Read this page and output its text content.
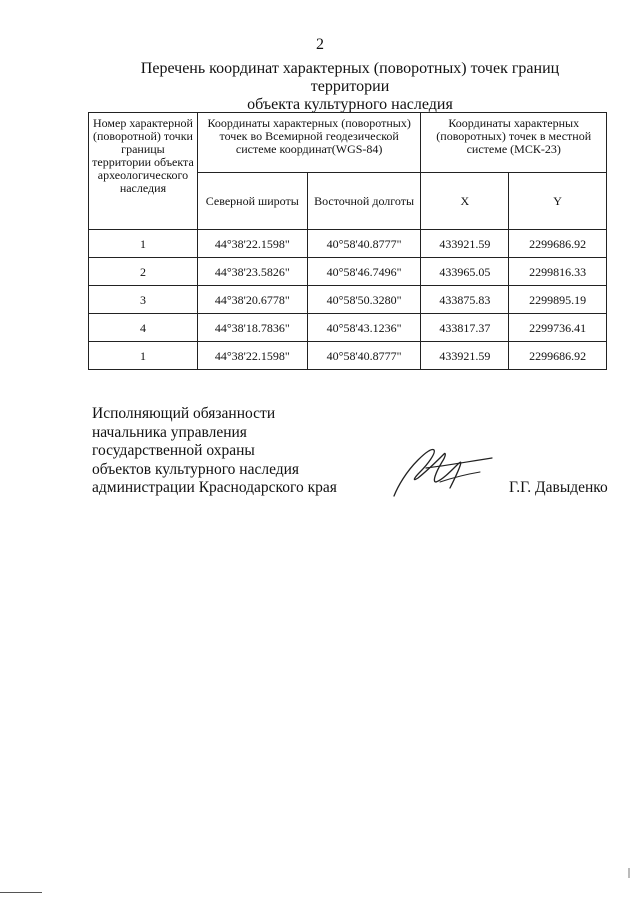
2
Перечень координат характерных (поворотных) точек границ территории
объекта культурного наследия
Номер характерной (поворотной) точки границы территории объекта археологического наследия	Координаты характерных (поворотных) точек во Всемирной геодезической системе координат(WGS-84)		Координаты характерных (поворотных) точек в местной системе (МСК-23)	
	Северной широты	Восточной долготы	X	Y
1	44°38'22.1598"	40°58'40.8777"	433921.59	2299686.92
2	44°38'23.5826"	40°58'46.7496"	433965.05	2299816.33
3	44°38'20.6778"	40°58'50.3280"	433875.83	2299895.19
4	44°38'18.7836"	40°58'43.1236"	433817.37	2299736.41
1	44°38'22.1598"	40°58'40.8777"	433921.59	2299686.92
Исполняющий обязанности
начальника управления
государственной охраны
объектов культурного наследия
администрации Краснодарского края	Г.Г. Давыденко
